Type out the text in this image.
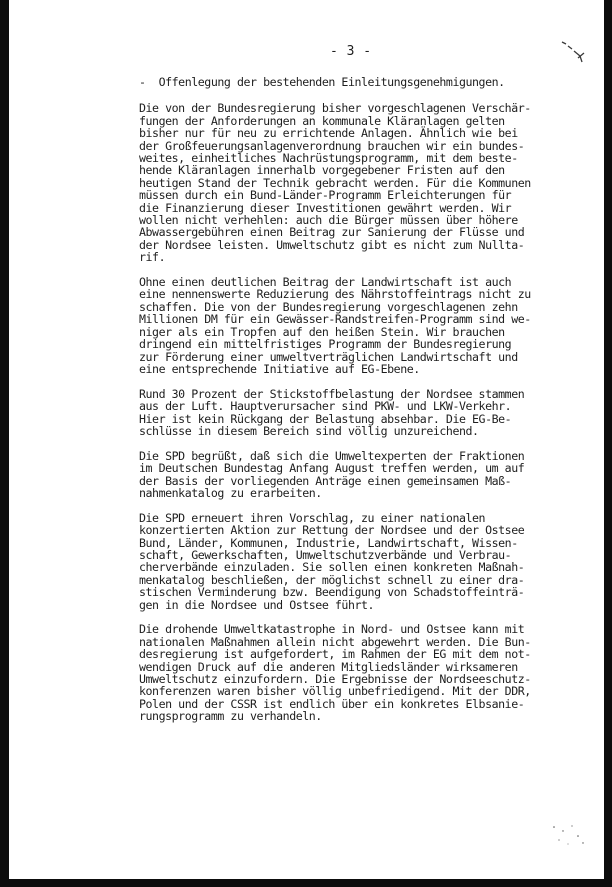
- 3 -

-  Offenlegung der bestehenden Einleitungsgenehmigungen.

Die von der Bundesregierung bisher vorgeschlagenen Verschär-
fungen der Anforderungen an kommunale Kläranlagen gelten
bisher nur für neu zu errichtende Anlagen. Ähnlich wie bei
der Großfeuerungsanlagenverordnung brauchen wir ein bundes-
weites, einheitliches Nachrüstungsprogramm, mit dem beste-
hende Kläranlagen innerhalb vorgegebener Fristen auf den
heutigen Stand der Technik gebracht werden. Für die Kommunen
müssen durch ein Bund-Länder-Programm Erleichterungen für
die Finanzierung dieser Investitionen gewährt werden. Wir
wollen nicht verhehlen: auch die Bürger müssen über höhere
Abwassergebühren einen Beitrag zur Sanierung der Flüsse und
der Nordsee leisten. Umweltschutz gibt es nicht zum Nullta-
rif.
Ohne einen deutlichen Beitrag der Landwirtschaft ist auch
eine nennenswerte Reduzierung des Nährstoffeintrags nicht zu
schaffen. Die von der Bundesregierung vorgeschlagenen zehn
Millionen DM für ein Gewässer-Randstreifen-Programm sind we-
niger als ein Tropfen auf den heißen Stein. Wir brauchen
dringend ein mittelfristiges Programm der Bundesregierung
zur Förderung einer umweltverträglichen Landwirtschaft und
eine entsprechende Initiative auf EG-Ebene.
Rund 30 Prozent der Stickstoffbelastung der Nordsee stammen
aus der Luft. Hauptverursacher sind PKW- und LKW-Verkehr.
Hier ist kein Rückgang der Belastung absehbar. Die EG-Be-
schlüsse in diesem Bereich sind völlig unzureichend.
Die SPD begrüßt, daß sich die Umweltexperten der Fraktionen
im Deutschen Bundestag Anfang August treffen werden, um auf
der Basis der vorliegenden Anträge einen gemeinsamen Maß-
nahmenkatalog zu erarbeiten.
Die SPD erneuert ihren Vorschlag, zu einer nationalen
konzertierten Aktion zur Rettung der Nordsee und der Ostsee
Bund, Länder, Kommunen, Industrie, Landwirtschaft, Wissen-
schaft, Gewerkschaften, Umweltschutzverbände und Verbrau-
cherverbände einzuladen. Sie sollen einen konkreten Maßnah-
menkatalog beschließen, der möglichst schnell zu einer dra-
stischen Verminderung bzw. Beendigung von Schadstoffeinträ-
gen in die Nordsee und Ostsee führt.
Die drohende Umweltkatastrophe in Nord- und Ostsee kann mit
nationalen Maßnahmen allein nicht abgewehrt werden. Die Bun-
desregierung ist aufgefordert, im Rahmen der EG mit dem not-
wendigen Druck auf die anderen Mitgliedsländer wirksameren
Umweltschutz einzufordern. Die Ergebnisse der Nordseeschutz-
konferenzen waren bisher völlig unbefriedigend. Mit der DDR,
Polen und der CSSR ist endlich über ein konkretes Elbsanie-
rungsprogramm zu verhandeln.
